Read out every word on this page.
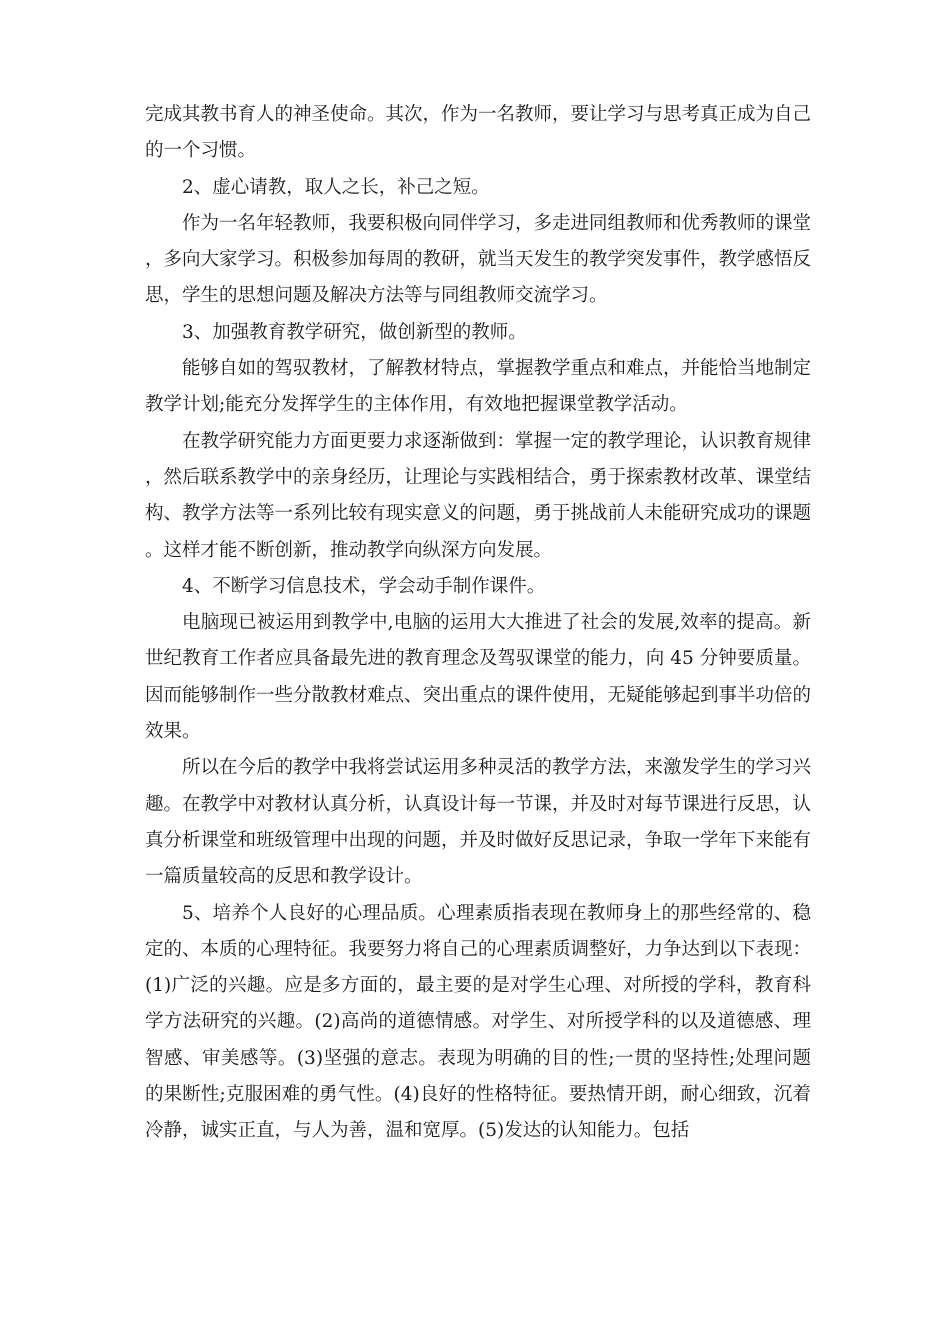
完成其教书育人的神圣使命。其次，作为一名教师，要让学习与思考真正成为自己的一个习惯。

2、虚心请教，取人之长，补己之短。

作为一名年轻教师，我要积极向同伴学习，多走进同组教师和优秀教师的课堂，多向大家学习。积极参加每周的教研，就当天发生的教学突发事件，教学感悟反思，学生的思想问题及解决方法等与同组教师交流学习。

3、加强教育教学研究，做创新型的教师。

能够自如的驾驭教材，了解教材特点，掌握教学重点和难点，并能恰当地制定教学计划;能充分发挥学生的主体作用，有效地把握课堂教学活动。

在教学研究能力方面更要力求逐渐做到：掌握一定的教学理论，认识教育规律，然后联系教学中的亲身经历，让理论与实践相结合，勇于探索教材改革、课堂结构、教学方法等一系列比较有现实意义的问题，勇于挑战前人未能研究成功的课题。这样才能不断创新，推动教学向纵深方向发展。

4、不断学习信息技术，学会动手制作课件。

电脑现已被运用到教学中,电脑的运用大大推进了社会的发展,效率的提高。新世纪教育工作者应具备最先进的教育理念及驾驭课堂的能力，向 45 分钟要质量。因而能够制作一些分散教材难点、突出重点的课件使用，无疑能够起到事半功倍的效果。

所以在今后的教学中我将尝试运用多种灵活的教学方法，来激发学生的学习兴趣。在教学中对教材认真分析，认真设计每一节课，并及时对每节课进行反思，认真分析课堂和班级管理中出现的问题，并及时做好反思记录，争取一学年下来能有一篇质量较高的反思和教学设计。

5、培养个人良好的心理品质。心理素质指表现在教师身上的那些经常的、稳定的、本质的心理特征。我要努力将自己的心理素质调整好，力争达到以下表现：(1)广泛的兴趣。应是多方面的，最主要的是对学生心理、对所授的学科，教育科学方法研究的兴趣。(2)高尚的道德情感。对学生、对所授学科的以及道德感、理智感、审美感等。(3)坚强的意志。表现为明确的目的性;一贯的坚持性;处理问题的果断性;克服困难的勇气性。(4)良好的性格特征。要热情开朗，耐心细致，沉着冷静，诚实正直，与人为善，温和宽厚。(5)发达的认知能力。包括
